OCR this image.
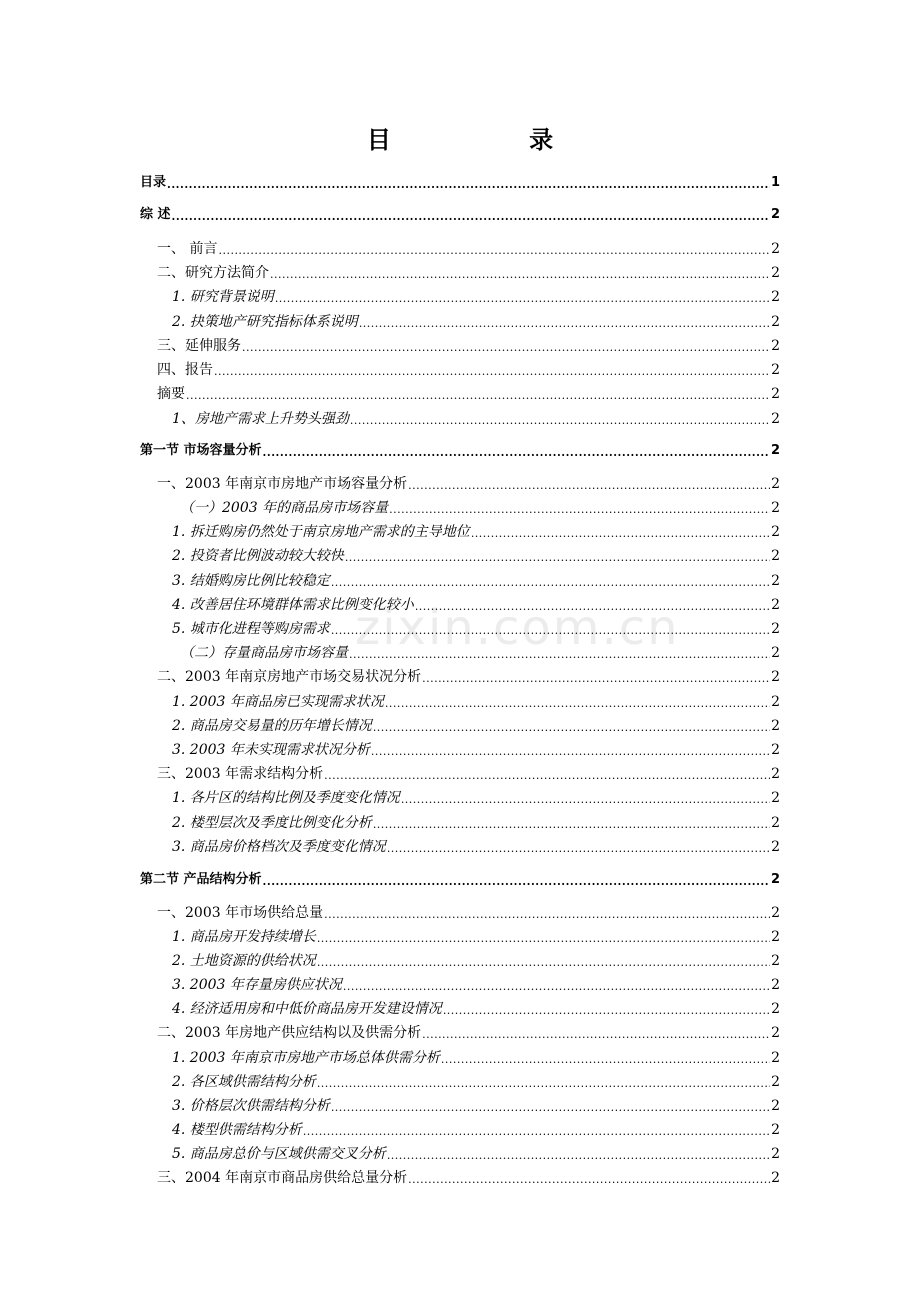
目 录
zixin.com.cn
目录 .....	1
综 述 .....	2
一、 前言 .....	2
二、研究方法简介 .....	2
1. 研究背景说明 .....	2
2. 抉策地产研究指标体系说明 .....	2
三、延伸服务 .....	2
四、报告 .....	2
摘要 .....	2
1、房地产需求上升势头强劲 .....	2
第一节 市场容量分析 .....	2
一、2003 年南京市房地产市场容量分析 .....	2
（一）2003 年的商品房市场容量 .....	2
1. 拆迁购房仍然处于南京房地产需求的主导地位 .....	2
2. 投资者比例波动较大较快 .....	2
3. 结婚购房比例比较稳定 .....	2
4. 改善居住环境群体需求比例变化较小 .....	2
5. 城市化进程等购房需求 .....	2
（二）存量商品房市场容量 .....	2
二、2003 年南京房地产市场交易状况分析 .....	2
1. 2003 年商品房已实现需求状况 .....	2
2. 商品房交易量的历年增长情况 .....	2
3. 2003 年未实现需求状况分析 .....	2
三、2003 年需求结构分析 .....	2
1. 各片区的结构比例及季度变化情况 .....	2
2. 楼型层次及季度比例变化分析 .....	2
3. 商品房价格档次及季度变化情况 .....	2
第二节 产品结构分析 .....	2
一、2003 年市场供给总量 .....	2
1. 商品房开发持续增长 .....	2
2. 土地资源的供给状况 .....	2
3. 2003 年存量房供应状况 .....	2
4. 经济适用房和中低价商品房开发建设情况 .....	2
二、2003 年房地产供应结构以及供需分析 .....	2
1. 2003 年南京市房地产市场总体供需分析 .....	2
2. 各区域供需结构分析 .....	2
3. 价格层次供需结构分析 .....	2
4. 楼型供需结构分析 .....	2
5. 商品房总价与区域供需交叉分析 .....	2
三、2004 年南京市商品房供给总量分析 .....	2
